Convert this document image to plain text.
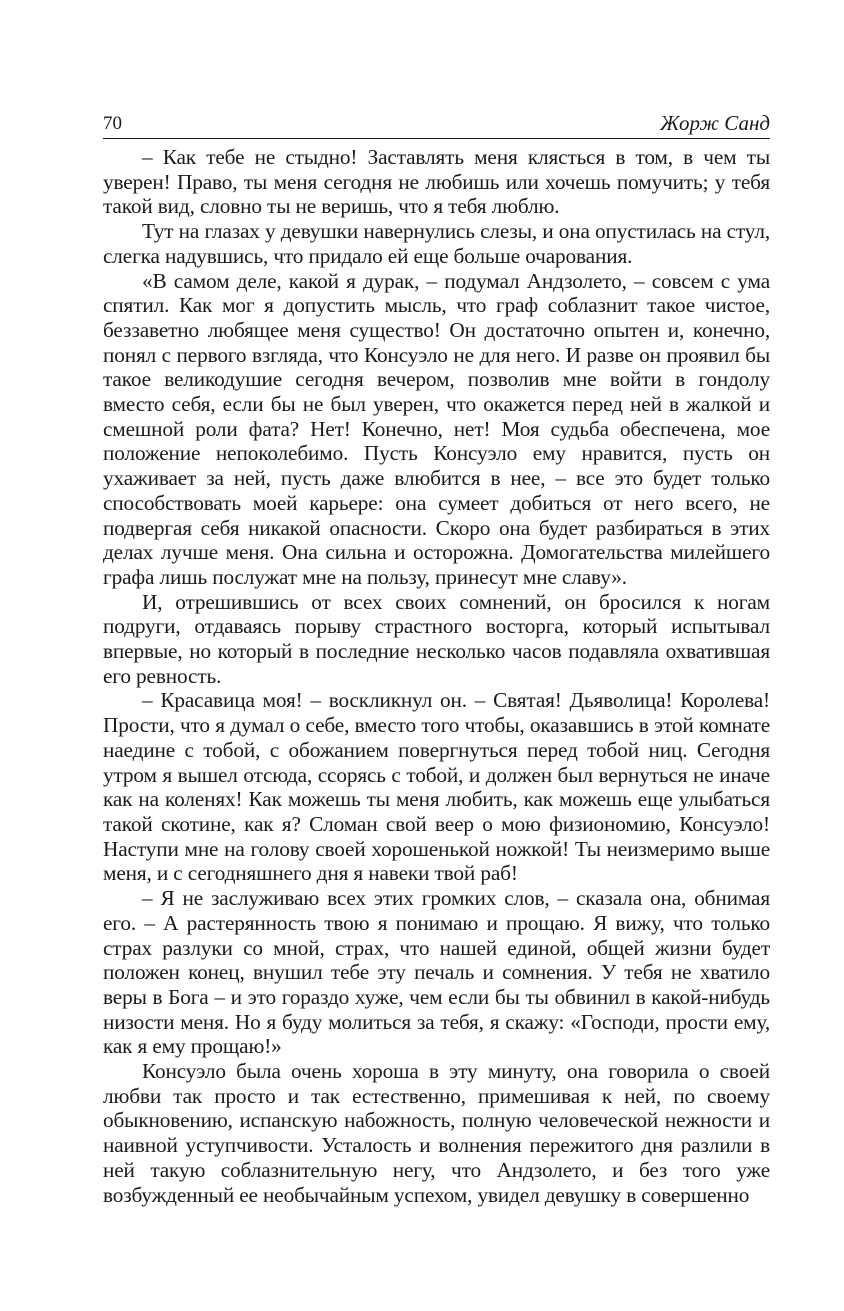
70	Жорж Санд

– Как тебе не стыдно! Заставлять меня клясться в том, в чем ты уверен! Право, ты меня сегодня не любишь или хочешь помучить; у тебя такой вид, словно ты не веришь, что я тебя люблю.

Тут на глазах у девушки навернулись слезы, и она опустилась на стул, слегка надувшись, что придало ей еще больше очарования.

«В самом деле, какой я дурак, – подумал Андзолето, – совсем с ума спятил. Как мог я допустить мысль, что граф соблазнит такое чистое, беззаветно любящее меня существо! Он достаточно опытен и, конечно, понял с первого взгляда, что Консуэло не для него. И разве он проявил бы такое великодушие сегодня вечером, позволив мне войти в гондолу вместо себя, если бы не был уверен, что окажется перед ней в жалкой и смешной роли фата? Нет! Конечно, нет! Моя судьба обеспечена, мое положение непоколебимо. Пусть Консуэло ему нравится, пусть он ухаживает за ней, пусть даже влюбится в нее, – все это будет только способствовать моей карьере: она сумеет добиться от него всего, не подвергая себя никакой опасности. Скоро она будет разбираться в этих делах лучше меня. Она сильна и осторожна. Домогательства милейшего графа лишь послужат мне на пользу, принесут мне славу».

И, отрешившись от всех своих сомнений, он бросился к ногам подруги, отдаваясь порыву страстного восторга, который испытывал впервые, но который в последние несколько часов подавляла охватившая его ревность.

– Красавица моя! – воскликнул он. – Святая! Дьяволица! Королева! Прости, что я думал о себе, вместо того чтобы, оказавшись в этой комнате наедине с тобой, с обожанием повергнуться перед тобой ниц. Сегодня утром я вышел отсюда, ссорясь с тобой, и должен был вернуться не иначе как на коленях! Как можешь ты меня любить, как можешь еще улыбаться такой скотине, как я? Сломан свой веер о мою физиономию, Консуэло! Наступи мне на голову своей хорошенькой ножкой! Ты неизмеримо выше меня, и с сегодняшнего дня я навеки твой раб!

– Я не заслуживаю всех этих громких слов, – сказала она, обнимая его. – А растерянность твою я понимаю и прощаю. Я вижу, что только страх разлуки со мной, страх, что нашей единой, общей жизни будет положен конец, внушил тебе эту печаль и сомнения. У тебя не хватило веры в Бога – и это гораздо хуже, чем если бы ты обвинил в какой-нибудь низости меня. Но я буду молиться за тебя, я скажу: «Господи, прости ему, как я ему прощаю!»

Консуэло была очень хороша в эту минуту, она говорила о своей любви так просто и так естественно, примешивая к ней, по своему обыкновению, испанскую набожность, полную человеческой нежности и наивной уступчивости. Усталость и волнения пережитого дня разлили в ней такую соблазнительную негу, что Андзолето, и без того уже возбужденный ее необычайным успехом, увидел девушку в совершенно
